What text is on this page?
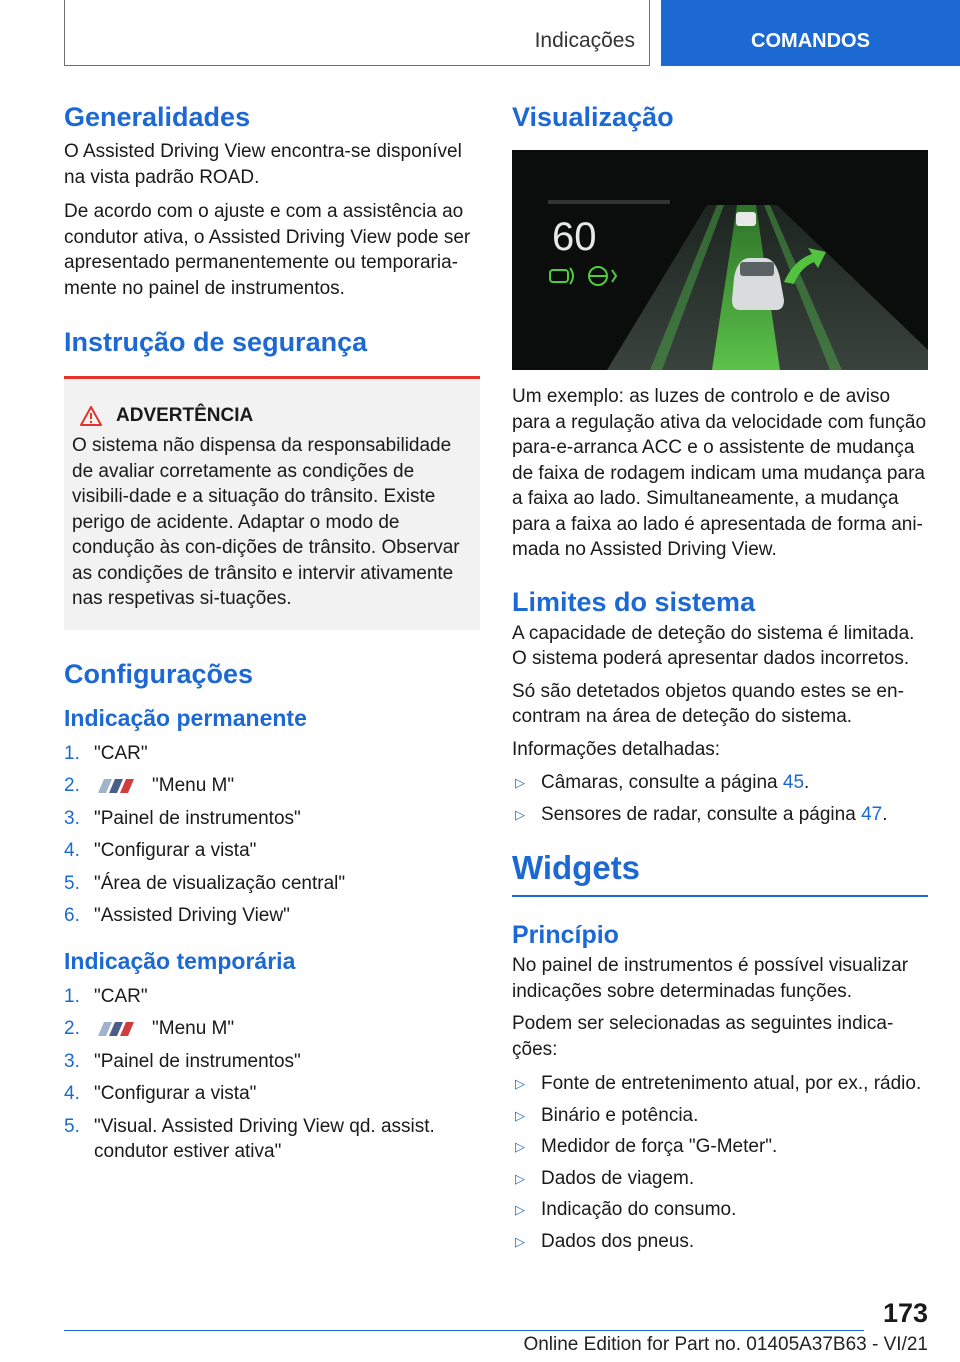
Indicações	COMANDOS
Generalidades

O Assisted Driving View encontra-se disponível na vista padrão ROAD.

De acordo com o ajuste e com a assistência ao condutor ativa, o Assisted Driving View pode ser apresentado permanentemente ou temporaria-mente no painel de instrumentos.

Instrução de segurança
ADVERTÊNCIA

O sistema não dispensa da responsabilidade de avaliar corretamente as condições de visibili-dade e a situação do trânsito. Existe perigo de acidente. Adaptar o modo de condução às con-dições de trânsito. Observar as condições de trânsito e intervir ativamente nas respetivas si-tuações.

Configurações
Indicação permanente
1. "CAR"
2.	"Menu M"
3. "Painel de instrumentos"
4. "Configurar a vista"
5. "Área de visualização central"
6. "Assisted Driving View"
Indicação temporária
1. "CAR"
2.	"Menu M"
3. "Painel de instrumentos"
4. "Configurar a vista"
5. "Visual. Assisted Driving View qd. assist. condutor estiver ativa"
Visualização
60

Um exemplo: as luzes de controlo e de aviso para a regulação ativa da velocidade com função para-e-arranca ACC e o assistente de mudança de faixa de rodagem indicam uma mudança para a faixa ao lado. Simultaneamente, a mudança para a faixa ao lado é apresentada de forma ani-mada no Assisted Driving View.

Limites do sistema

A capacidade de deteção do sistema é limitada. O sistema poderá apresentar dados incorretos.

Só são detetados objetos quando estes se en-contram na área de deteção do sistema.

Informações detalhadas:

▷ Câmaras, consulte a página 45.
▷ Sensores de radar, consulte a página 47.
Widgets
Princípio

No painel de instrumentos é possível visualizar indicações sobre determinadas funções.

Podem ser selecionadas as seguintes indica-ções:

▷ Fonte de entretenimento atual, por ex., rádio.
▷ Binário e potência.
▷ Medidor de força "G-Meter".
▷ Dados de viagem.
▷ Indicação do consumo.
▷ Dados dos pneus.
173
Online Edition for Part no. 01405A37B63 - VI/21
